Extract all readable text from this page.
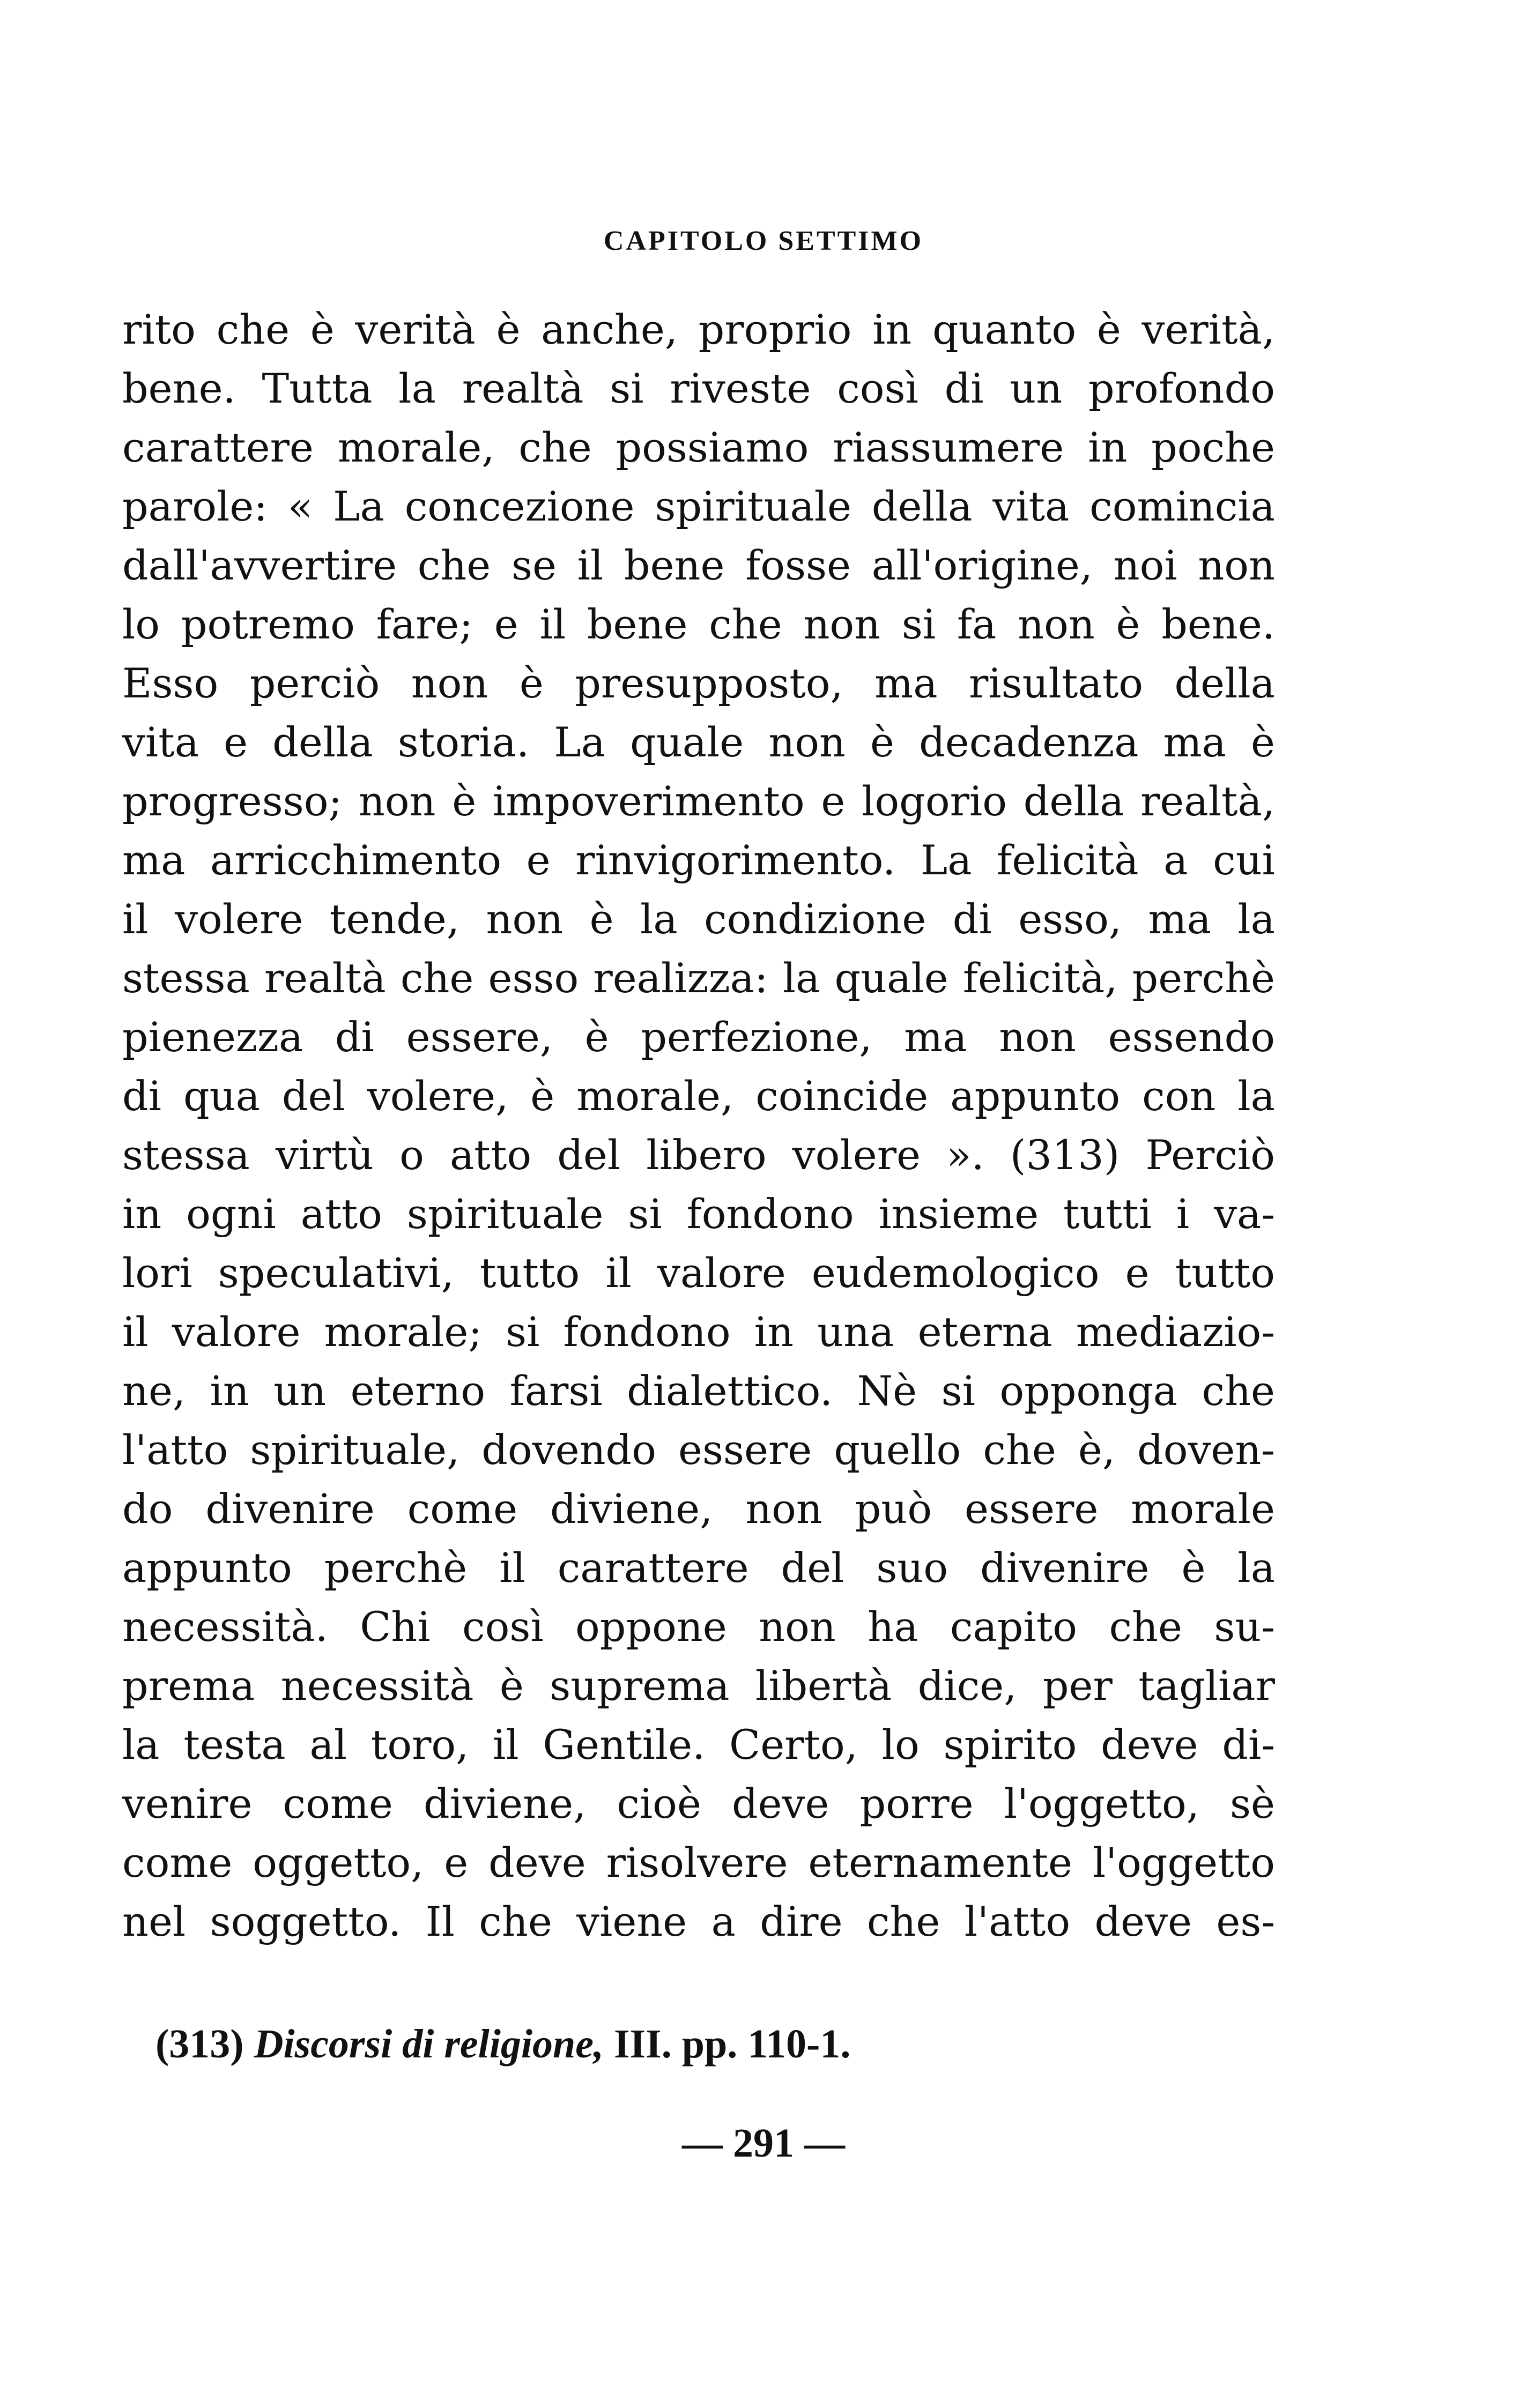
CAPITOLO SETTIMO
rito che è verità è anche, proprio in quanto è verità,
bene. Tutta la realtà si riveste così di un profondo
carattere morale, che possiamo riassumere in poche
parole: « La concezione spirituale della vita comincia
dall'avvertire che se il bene fosse all'origine, noi non
lo potremo fare; e il bene che non si fa non è bene.
Esso perciò non è presupposto, ma risultato della
vita e della storia. La quale non è decadenza ma è
progresso; non è impoverimento e logorio della realtà,
ma arricchimento e rinvigorimento. La felicità a cui
il volere tende, non è la condizione di esso, ma la
stessa realtà che esso realizza: la quale felicità, perchè
pienezza di essere, è perfezione, ma non essendo
di qua del volere, è morale, coincide appunto con la
stessa virtù o atto del libero volere ». (313) Perciò
in ogni atto spirituale si fondono insieme tutti i va-
lori speculativi, tutto il valore eudemologico e tutto
il valore morale; si fondono in una eterna mediazio-
ne, in un eterno farsi dialettico. Nè si opponga che
l'atto spirituale, dovendo essere quello che è, doven-
do divenire come diviene, non può essere morale
appunto perchè il carattere del suo divenire è la
necessità. Chi così oppone non ha capito che su-
prema necessità è suprema libertà dice, per tagliar
la testa al toro, il Gentile. Certo, lo spirito deve di-
venire come diviene, cioè deve porre l'oggetto, sè
come oggetto, e deve risolvere eternamente l'oggetto
nel soggetto. Il che viene a dire che l'atto deve es-
(313) Discorsi di religione, III. pp. 110-1.
— 291 —
